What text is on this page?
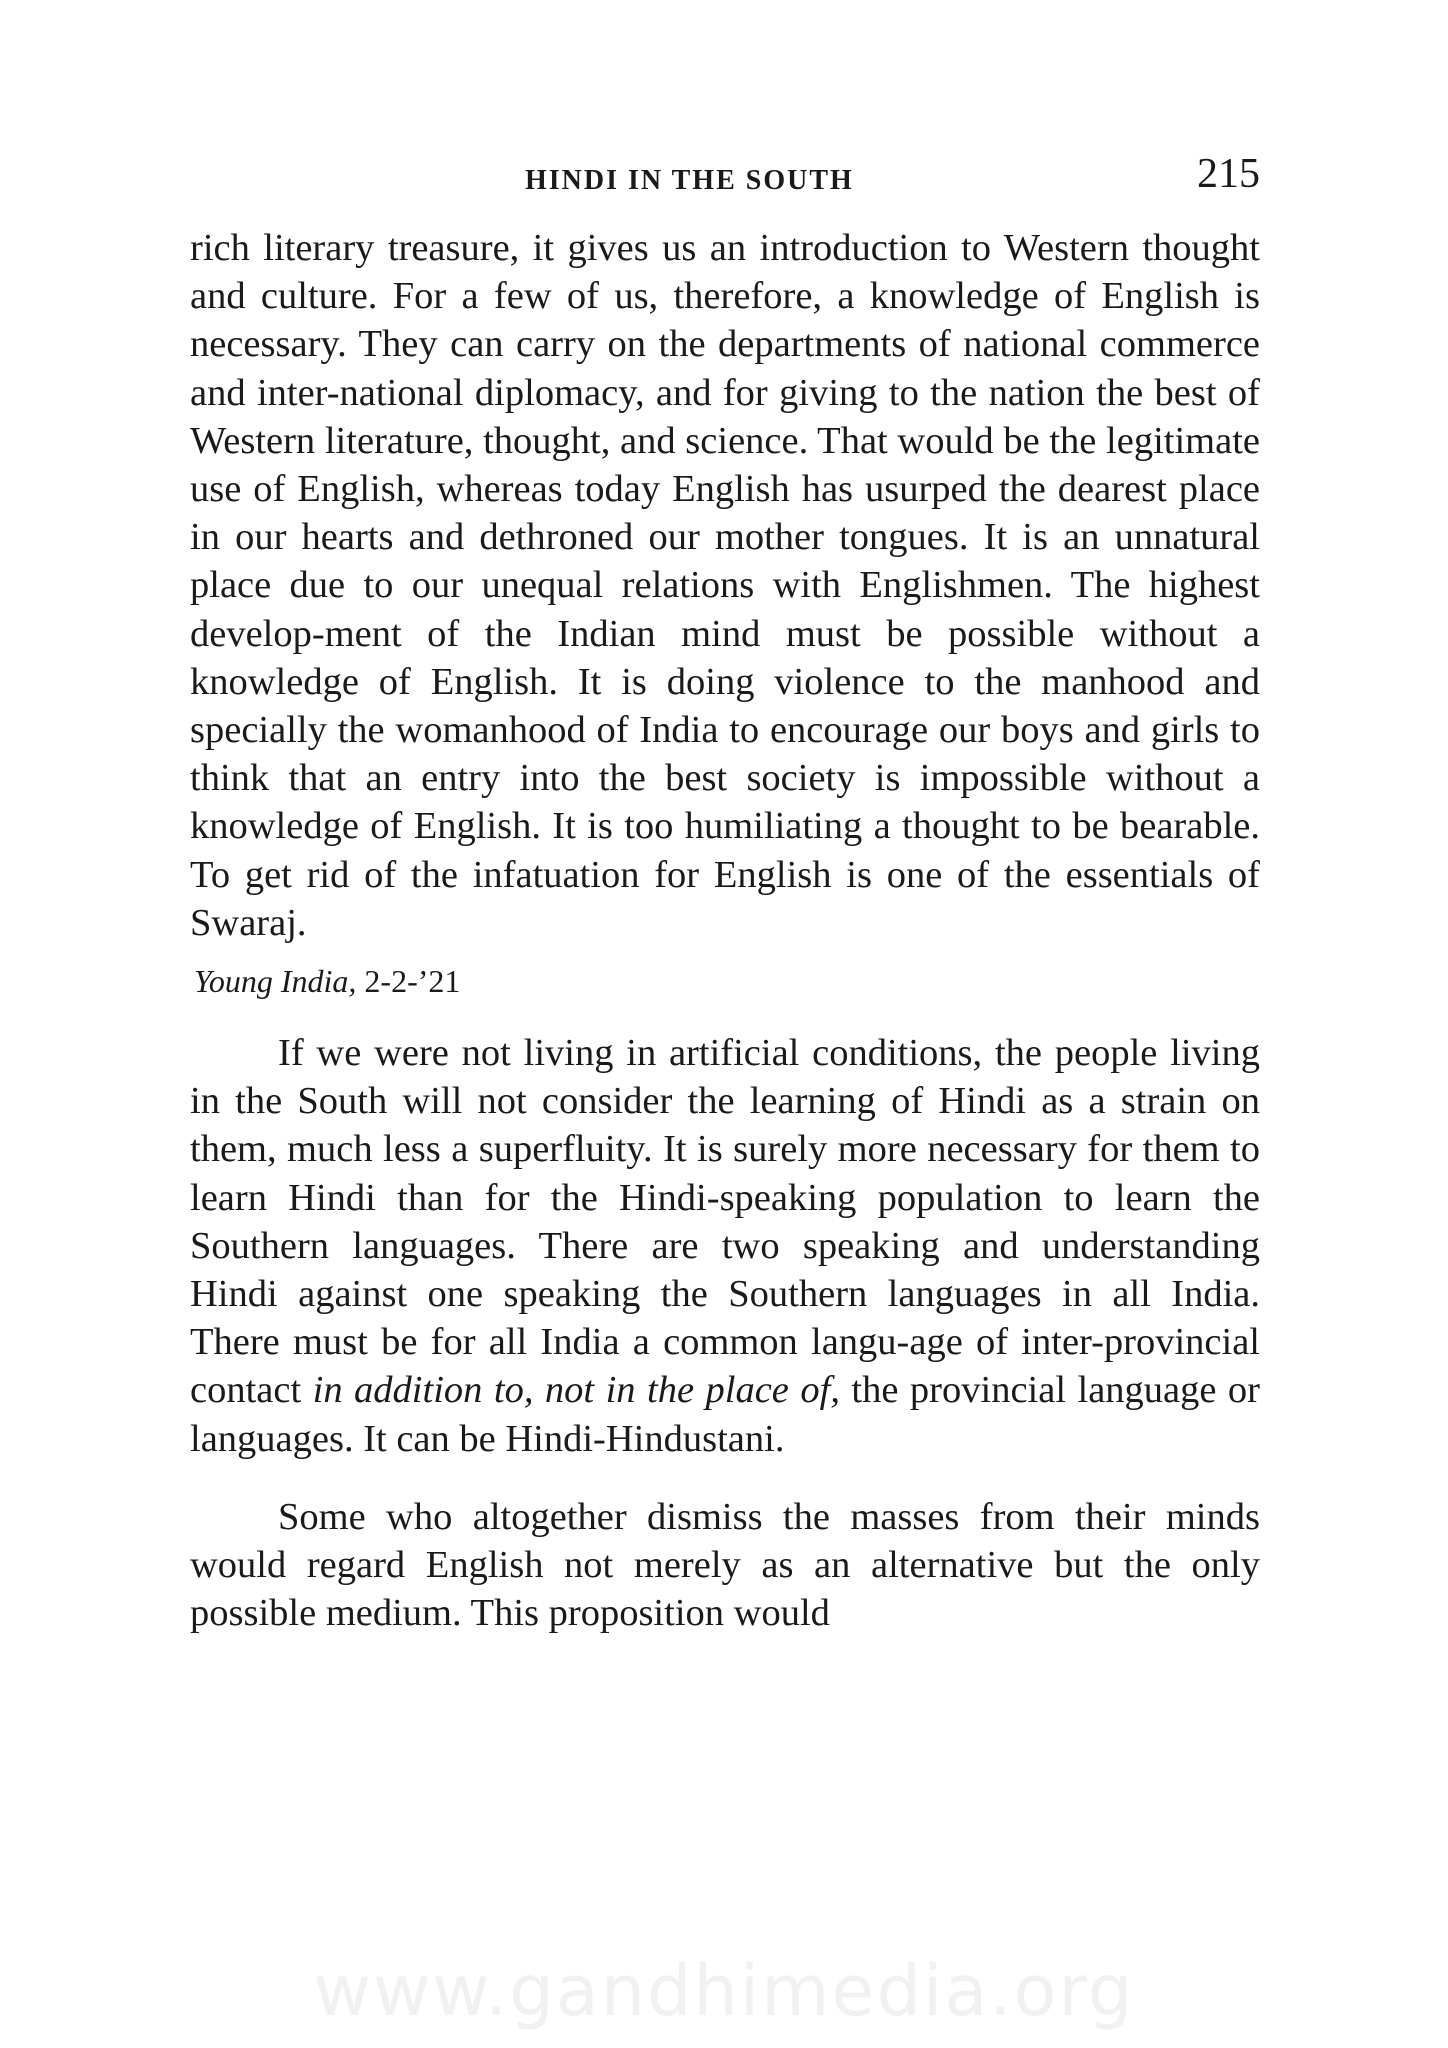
HINDI IN THE SOUTH	215

rich literary treasure, it gives us an introduction to Western thought and culture. For a few of us, therefore, a knowledge of English is necessary. They can carry on the departments of national commerce and inter-national diplomacy, and for giving to the nation the best of Western literature, thought, and science. That would be the legitimate use of English, whereas today English has usurped the dearest place in our hearts and dethroned our mother tongues. It is an unnatural place due to our unequal relations with Englishmen. The highest develop-ment of the Indian mind must be possible without a knowledge of English. It is doing violence to the manhood and specially the womanhood of India to encourage our boys and girls to think that an entry into the best society is impossible without a knowledge of English. It is too humiliating a thought to be bearable. To get rid of the infatuation for English is one of the essentials of Swaraj.

Young India, 2-2-’21

If we were not living in artificial conditions, the people living in the South will not consider the learning of Hindi as a strain on them, much less a superfluity. It is surely more necessary for them to learn Hindi than for the Hindi-speaking population to learn the Southern languages. There are two speaking and understanding Hindi against one speaking the Southern languages in all India. There must be for all India a common langu-age of inter-provincial contact in addition to, not in the place of, the provincial language or languages. It can be Hindi-Hindustani.

Some who altogether dismiss the masses from their minds would regard English not merely as an alternative but the only possible medium. This proposition would

www.gandhimedia.org
